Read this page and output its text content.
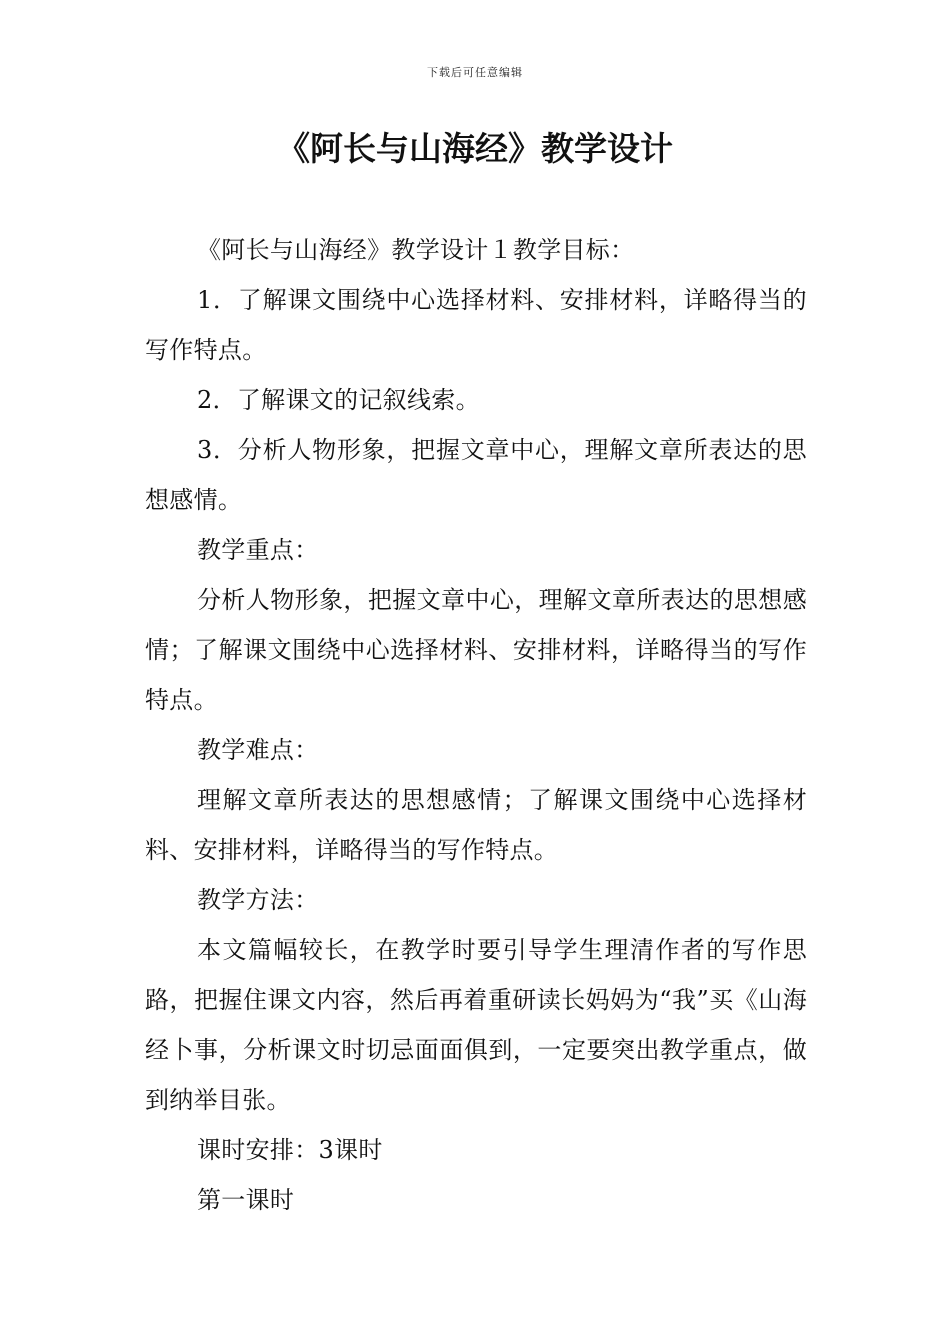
下载后可任意编辑
《阿长与山海经》教学设计

《阿长与山海经》教学设计１教学目标：

1．了解课文围绕中心选择材料、安排材料，详略得当的写作特点。

2．了解课文的记叙线索。

3．分析人物形象，把握文章中心，理解文章所表达的思想感情。

教学重点：

分析人物形象，把握文章中心，理解文章所表达的思想感情；了解课文围绕中心选择材料、安排材料，详略得当的写作特点。

教学难点：

理解文章所表达的思想感情；了解课文围绕中心选择材料、安排材料，详略得当的写作特点。

教学方法：

本文篇幅较长，在教学时要引导学生理清作者的写作思路，把握住课文内容，然后再着重研读长妈妈为“我”买《山海经卜事，分析课文时切忌面面俱到，一定要突出教学重点，做到纳举目张。

课时安排：3课时

第一课时
